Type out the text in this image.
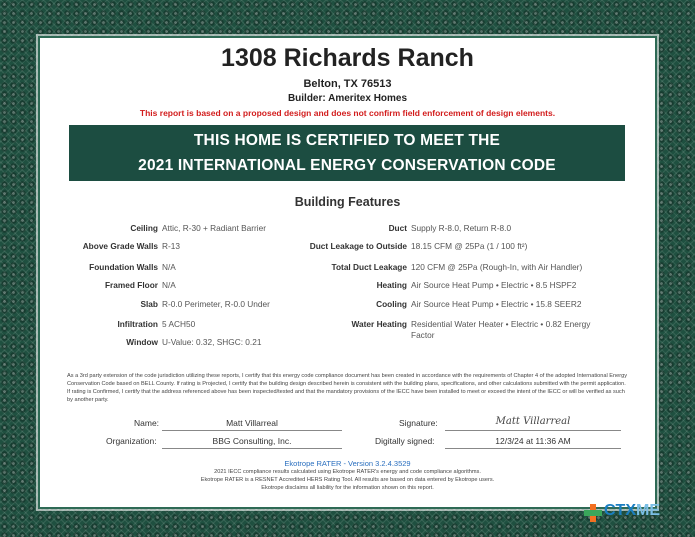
1308 Richards Ranch
Belton, TX 76513
Builder: Ameritex Homes
This report is based on a proposed design and does not confirm field enforcement of design elements.
THIS HOME IS CERTIFIED TO MEET THE
2021 INTERNATIONAL ENERGY CONSERVATION CODE
Building Features
Ceiling Attic, R-30 + Radiant Barrier
Above Grade Walls R-13
Foundation Walls N/A
Framed Floor N/A
Slab R-0.0 Perimeter, R-0.0 Under
Infiltration 5 ACH50
Window U-Value: 0.32, SHGC: 0.21
Duct Supply R-8.0, Return R-8.0
Duct Leakage to Outside 18.15 CFM @ 25Pa (1 / 100 ft²)
Total Duct Leakage 120 CFM @ 25Pa (Rough-In, with Air Handler)
Heating Air Source Heat Pump • Electric • 8.5 HSPF2
Cooling Air Source Heat Pump • Electric • 15.8 SEER2
Water Heating Residential Water Heater • Electric • 0.82 Energy
Factor
As a 3rd party extension of the code jurisdiction utilizing these reports, I certify that this energy code compliance document has been created in accordance with the requirements of Chapter 4 of the adopted International Energy Conservation Code based on BELL County. If rating is Projected, I certify that the building design described herein is consistent with the building plans, specifications, and other calculations submitted with the permit application. If rating is Confirmed, I certify that the address referenced above has been inspected/tested and that the mandatory provisions of the IECC have been installed to meet or exceed the intent of the IECC or will be verified as such by another party.
Name:	Matt Villarreal
Organization:	BBG Consulting, Inc.
Signature:	Matt Villarreal
Digitally signed:	12/3/24 at 11:36 AM
Ekotrope RATER - Version 3.2.4.3529
2021 IECC compliance results calculated using Ekotrope RATER's energy and code compliance algorithms.
Ekotrope RATER is a RESNET Accredited HERS Rating Tool. All results are based on data entered by Ekotrope users.
Ekotrope disclaims all liability for the information shown on this report.
CTXME
